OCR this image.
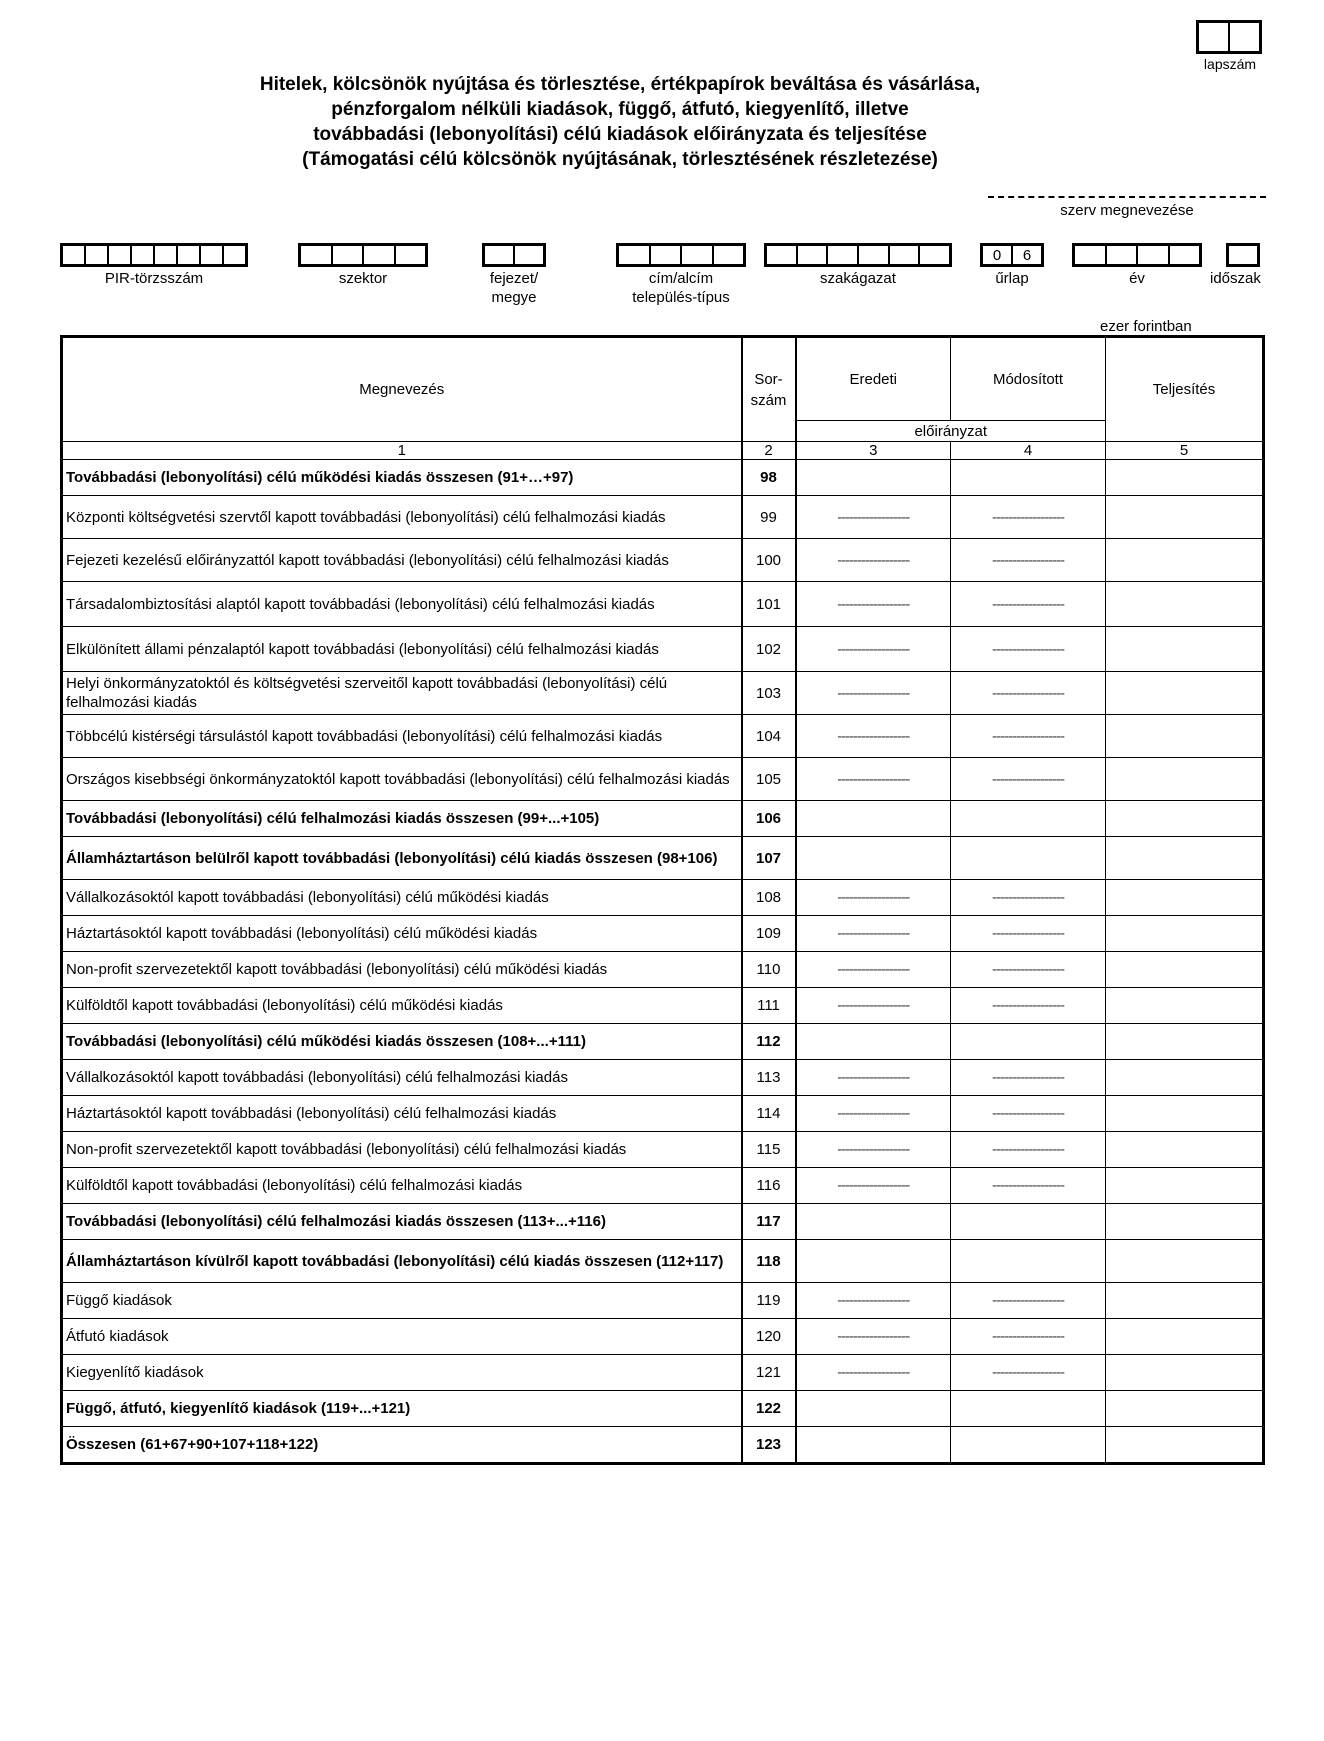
lapszám
Hitelek, kölcsönök nyújtása és törlesztése, értékpapírok beváltása és vásárlása,
pénzforgalom nélküli kiadások, függő, átfutó, kiegyenlítő, illetve
továbbadási (lebonyolítási) célú kiadások előirányzata és teljesítése
(Támogatási célú kölcsönök nyújtásának, törlesztésének részletezése)
szerv megnevezése
PIR-törzsszám	szektor	fejezet/
megye
cím/alcím
település-típus
szakágazat
0	6
űrlap	év	időszak
ezer forintban
Megnevezés	Sor-
szám	Eredeti	Módosított	Teljesítés
		előirányzat		
1	2	3	4	5
Továbbadási (lebonyolítási) célú működési kiadás összesen (91+…+97)	98			
Központi költségvetési szervtől kapott továbbadási (lebonyolítási) célú felhalmozási kiadás	99	------------------	------------------	
Fejezeti kezelésű előirányzattól kapott továbbadási (lebonyolítási) célú felhalmozási kiadás	100	------------------	------------------	
Társadalombiztosítási alaptól kapott továbbadási (lebonyolítási) célú felhalmozási kiadás	101	------------------	------------------	
Elkülönített állami pénzalaptól kapott továbbadási (lebonyolítási) célú felhalmozási kiadás	102	------------------	------------------	
Helyi önkormányzatoktól és költségvetési szerveitől kapott továbbadási (lebonyolítási) célú felhalmozási kiadás	103	------------------	------------------	
Többcélú kistérségi társulástól kapott továbbadási (lebonyolítási) célú felhalmozási kiadás	104	------------------	------------------	
Országos kisebbségi önkormányzatoktól kapott továbbadási (lebonyolítási) célú felhalmozási kiadás	105	------------------	------------------	
Továbbadási (lebonyolítási) célú felhalmozási kiadás összesen (99+...+105)	106			
Államháztartáson belülről kapott továbbadási (lebonyolítási) célú kiadás összesen (98+106)	107			
Vállalkozásoktól kapott továbbadási (lebonyolítási) célú működési kiadás	108	------------------	------------------	
Háztartásoktól kapott továbbadási (lebonyolítási) célú működési kiadás	109	------------------	------------------	
Non-profit szervezetektől kapott továbbadási (lebonyolítási) célú működési kiadás	110	------------------	------------------	
Külföldtől kapott továbbadási (lebonyolítási) célú működési kiadás	111	------------------	------------------	
Továbbadási (lebonyolítási) célú működési kiadás összesen (108+...+111)	112			
Vállalkozásoktól kapott továbbadási (lebonyolítási) célú felhalmozási kiadás	113	------------------	------------------	
Háztartásoktól kapott továbbadási (lebonyolítási) célú felhalmozási kiadás	114	------------------	------------------	
Non-profit szervezetektől kapott továbbadási (lebonyolítási) célú felhalmozási kiadás	115	------------------	------------------	
Külföldtől kapott továbbadási (lebonyolítási) célú felhalmozási kiadás	116	------------------	------------------	
Továbbadási (lebonyolítási) célú felhalmozási kiadás összesen (113+...+116)	117			
Államháztartáson kívülről kapott továbbadási (lebonyolítási) célú kiadás összesen (112+117)	118			
Függő kiadások	119	------------------	------------------	
Átfutó kiadások	120	------------------	------------------	
Kiegyenlítő kiadások	121	------------------	------------------	
Függő, átfutó, kiegyenlítő kiadások (119+...+121)	122			
Összesen (61+67+90+107+118+122)	123			
